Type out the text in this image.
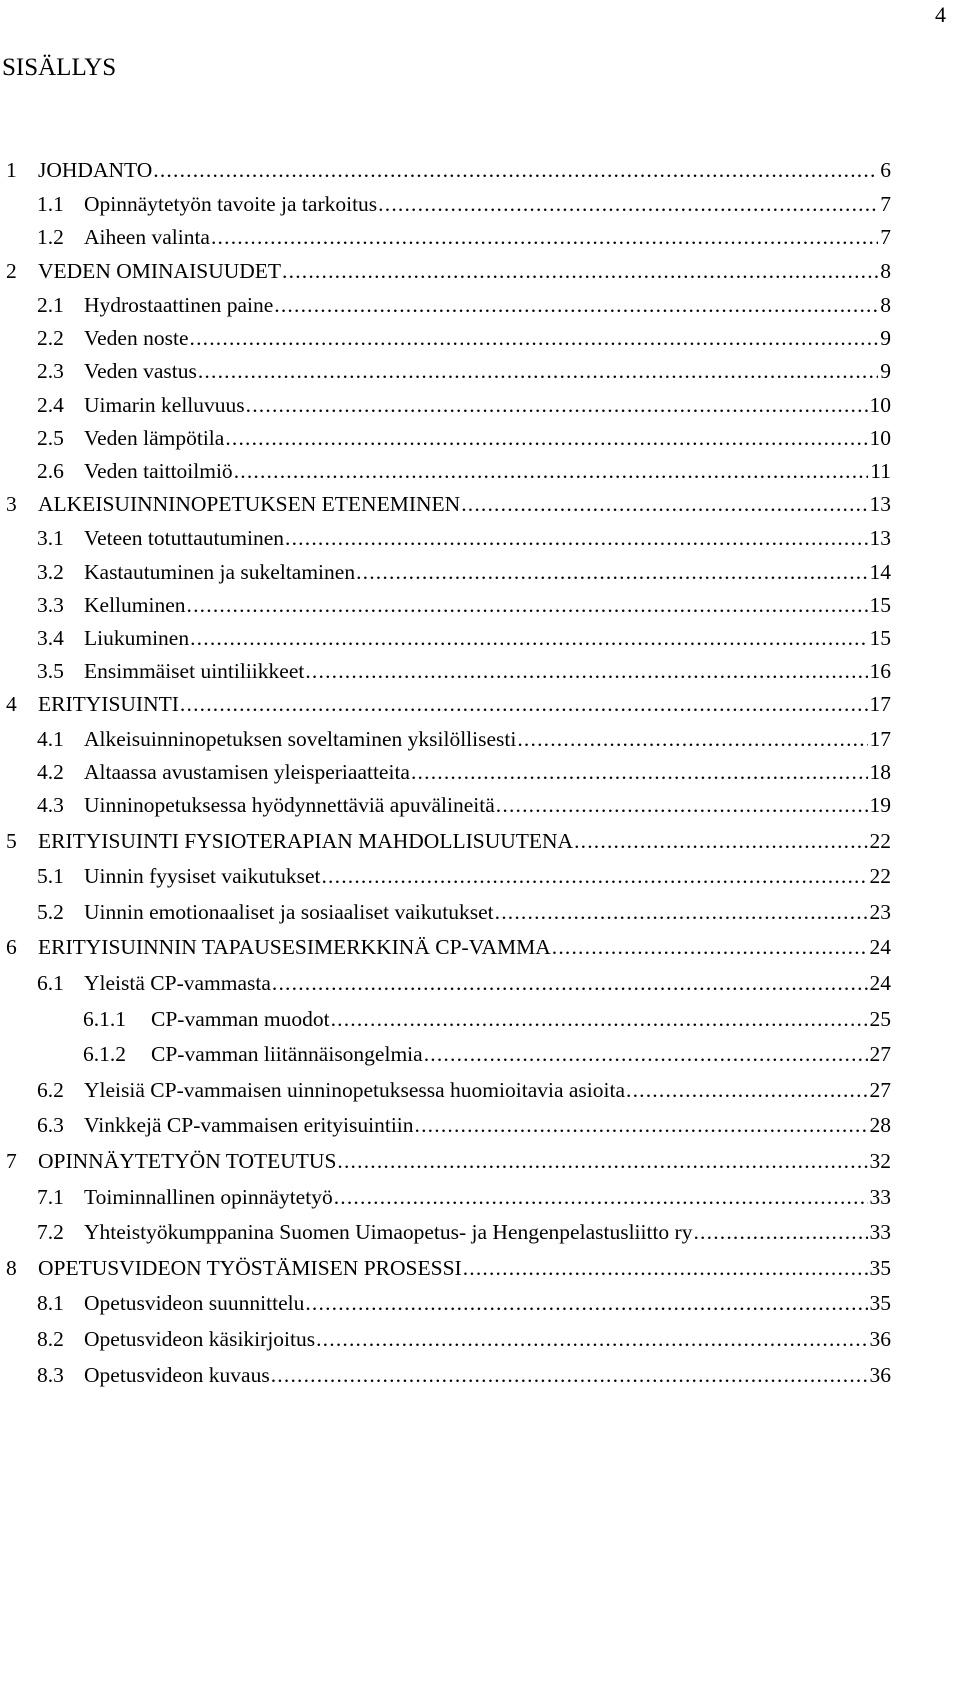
4
SISÄLLYS
1 JOHDANTO .....	6
1.1 Opinnäytetyön tavoite ja tarkoitus .....	7
1.2 Aiheen valinta .....	7
2 VEDEN OMINAISUUDET .....	8
2.1 Hydrostaattinen paine .....	8
2.2 Veden noste .....	9
2.3 Veden vastus .....	9
2.4 Uimarin kelluvuus .....	10
2.5 Veden lämpötila .....	10
2.6 Veden taittoilmiö .....	11
3 ALKEISUINNINOPETUKSEN ETENEMINEN .....	13
3.1 Veteen totuttautuminen .....	13
3.2 Kastautuminen ja sukeltaminen .....	14
3.3 Kelluminen .....	15
3.4 Liukuminen .....	15
3.5 Ensimmäiset uintiliikkeet .....	16
4 ERITYISUINTI .....	17
4.1 Alkeisuinninopetuksen soveltaminen yksilöllisesti .....	17
4.2 Altaassa avustamisen yleisperiaatteita .....	18
4.3 Uinninopetuksessa hyödynnettäviä apuvälineitä .....	19
5 ERITYISUINTI FYSIOTERAPIAN MAHDOLLISUUTENA .....	22
5.1 Uinnin fyysiset vaikutukset .....	22
5.2 Uinnin emotionaaliset ja sosiaaliset vaikutukset .....	23
6 ERITYISUINNIN TAPAUSESIMERKKINÄ CP-VAMMA .....	24
6.1 Yleistä CP-vammasta .....	24
6.1.1	CP-vamman muodot .....	25
6.1.2	CP-vamman liitännäisongelmia .....	27
6.2 Yleisiä CP-vammaisen uinninopetuksessa huomioitavia asioita .....	27
6.3 Vinkkejä CP-vammaisen erityisuintiin .....	28
7 OPINNÄYTETYÖN TOTEUTUS .....	32
7.1 Toiminnallinen opinnäytetyö .....	33
7.2 Yhteistyökumppanina Suomen Uimaopetus- ja Hengenpelastusliitto ry .....	33
8 OPETUSVIDEON TYÖSTÄMISEN PROSESSI .....	35
8.1 Opetusvideon suunnittelu .....	35
8.2 Opetusvideon käsikirjoitus .....	36
8.3 Opetusvideon kuvaus .....	36
